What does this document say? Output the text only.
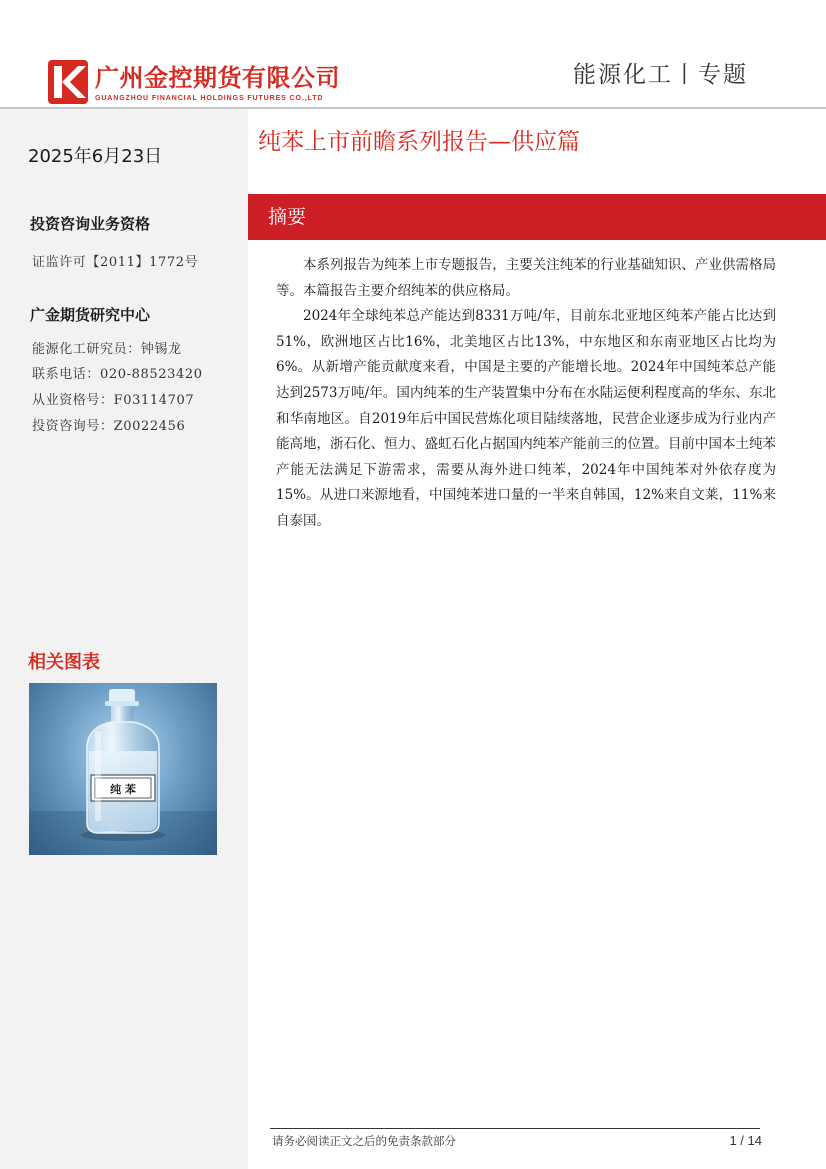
广州金控期货有限公司
GUANGZHOU FINANCIAL HOLDINGS FUTURES CO.,LTD
能源化工丨专题
2025年6月23日
投资咨询业务资格
证监许可【2011】1772号
广金期货研究中心
能源化工研究员：钟锡龙
联系电话：020-88523420
从业资格号：F03114707
投资咨询号：Z0022456
相关图表
纯 苯
纯苯上市前瞻系列报告—供应篇
摘要

本系列报告为纯苯上市专题报告，主要关注纯苯的行业基础知识、产业供需格局等。本篇报告主要介绍纯苯的供应格局。

2024年全球纯苯总产能达到8331万吨/年，目前东北亚地区纯苯产能占比达到51%，欧洲地区占比16%，北美地区占比13%，中东地区和东南亚地区占比均为6%。从新增产能贡献度来看，中国是主要的产能增长地。2024年中国纯苯总产能达到2573万吨/年。国内纯苯的生产装置集中分布在水陆运便利程度高的华东、东北和华南地区。自2019年后中国民营炼化项目陆续落地，民营企业逐步成为行业内产能高地，浙石化、恒力、盛虹石化占据国内纯苯产能前三的位置。目前中国本土纯苯产能无法满足下游需求，需要从海外进口纯苯，2024年中国纯苯对外依存度为15%。从进口来源地看，中国纯苯进口量的一半来自韩国，12%来自文莱，11%来自泰国。

请务必阅读正文之后的免责条款部分	1 / 14
